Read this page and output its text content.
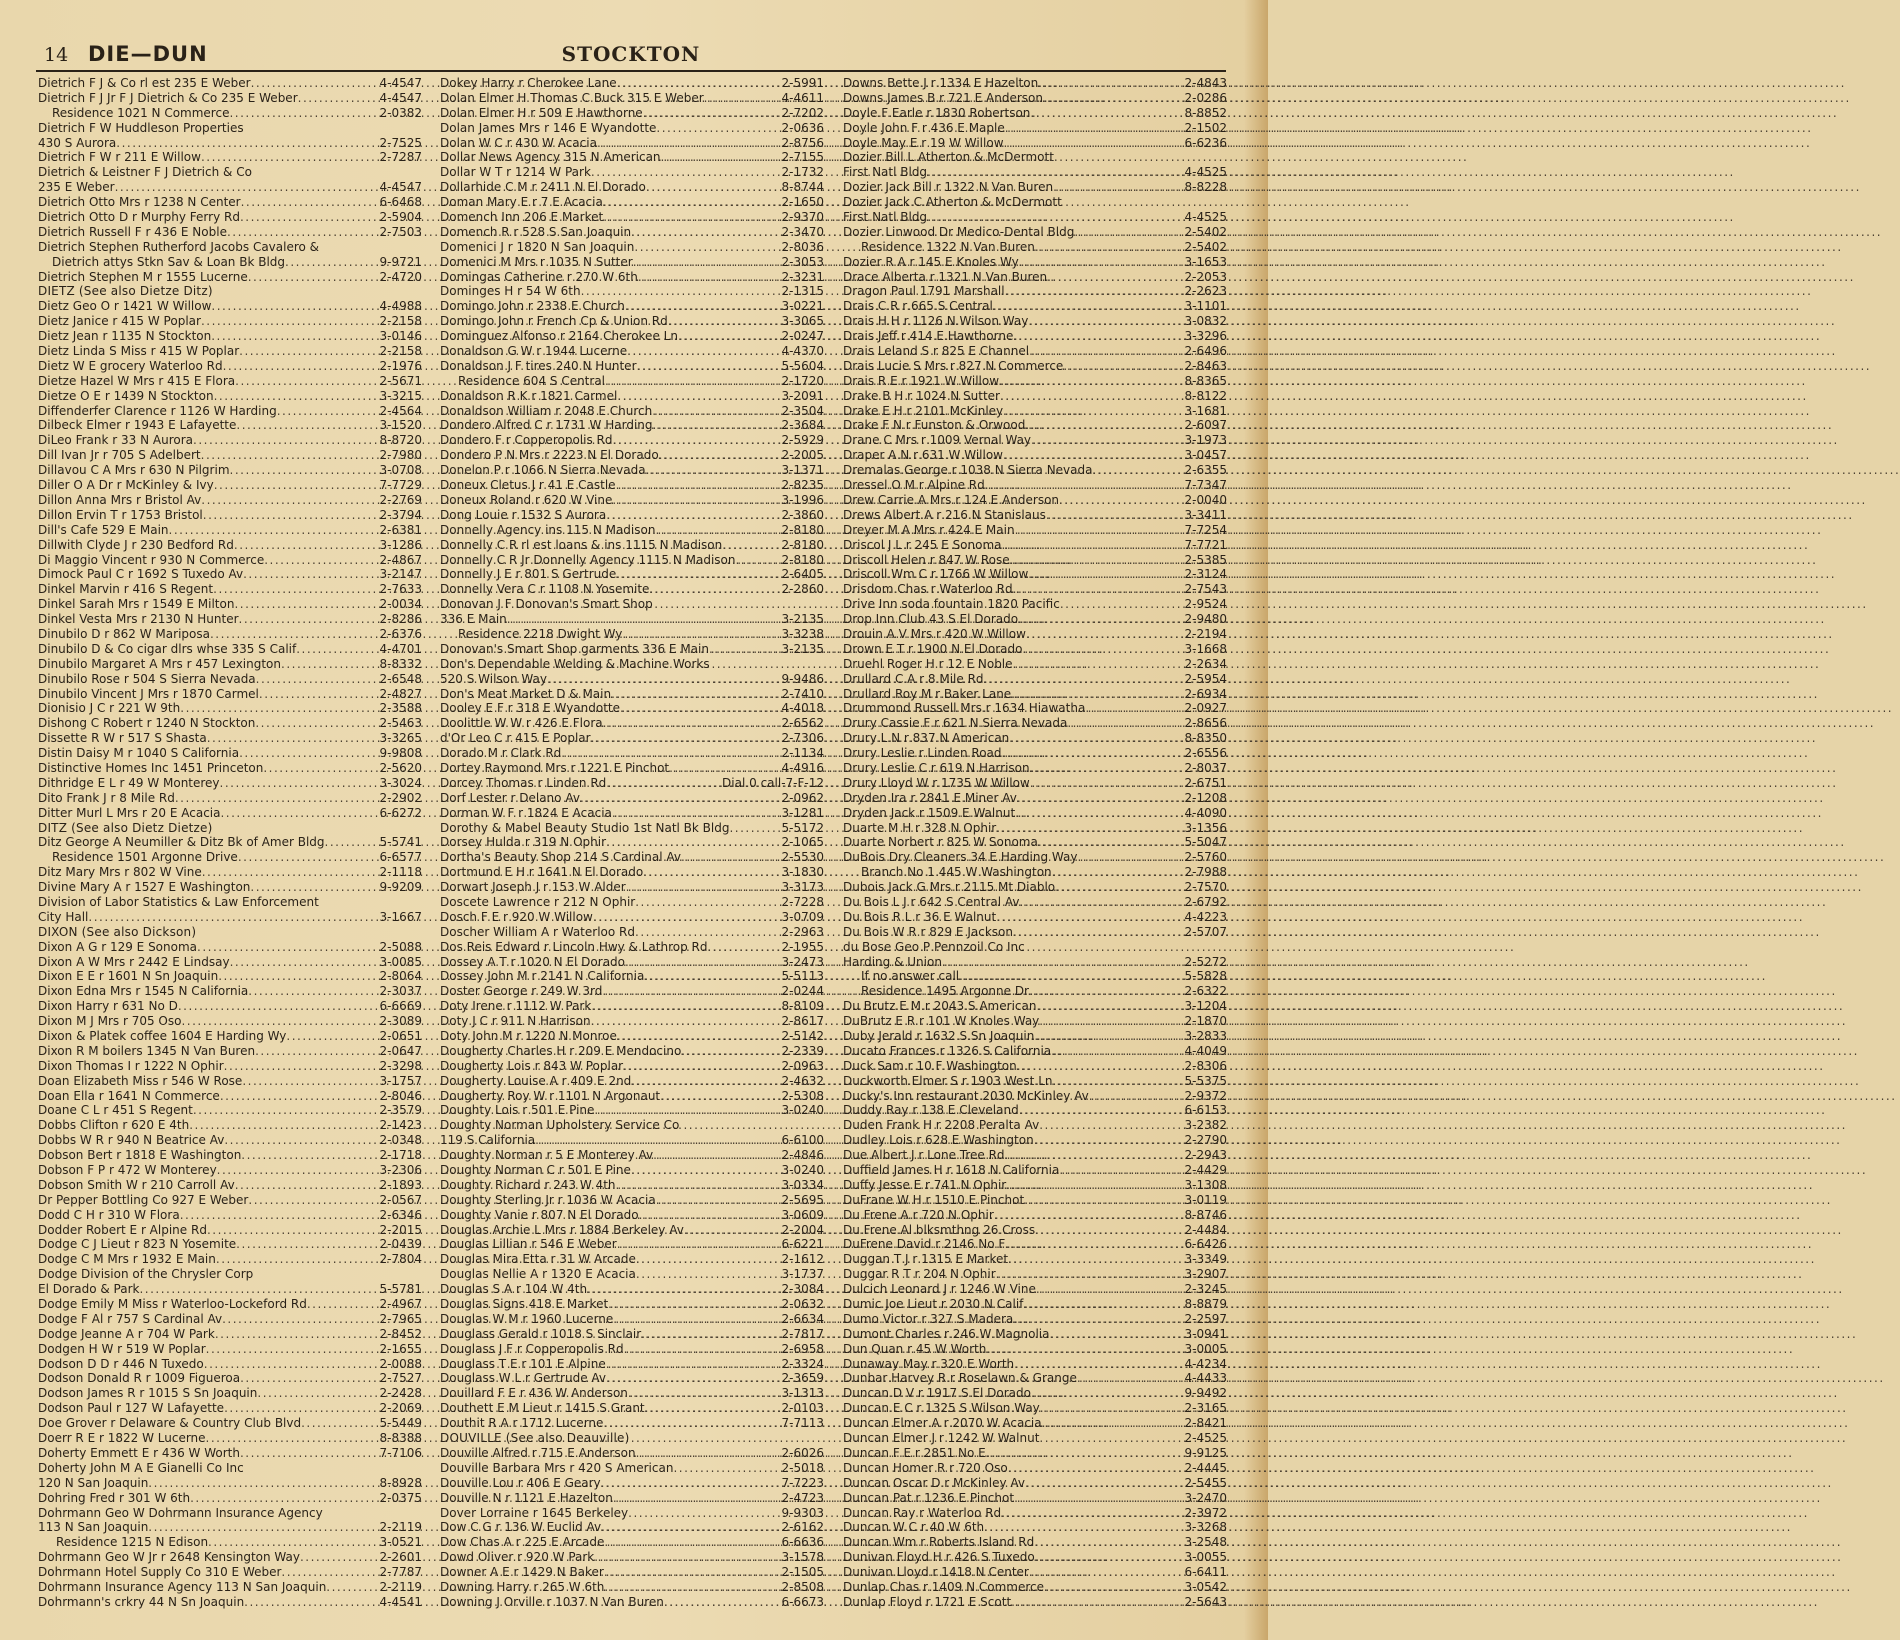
14 DIE—DUN	STOCKTON
Dietrich F J & Co rl est 235 E Weber .....	4-4547
Dietrich F J Jr F J Dietrich & Co 235 E Weber .....	4-4547
Residence 1021 N Commerce .....	2-0382
Dietrich F W Huddleson Properties
430 S Aurora .....	2-7525
Dietrich F W r 211 E Willow .....	2-7287
Dietrich & Leistner F J Dietrich & Co
235 E Weber .....	4-4547
Dietrich Otto Mrs r 1238 N Center .....	6-6468
Dietrich Otto D r Murphy Ferry Rd .....	2-5904
Dietrich Russell F r 436 E Noble .....	2-7503
Dietrich Stephen Rutherford Jacobs Cavalero &
Dietrich attys Stkn Sav & Loan Bk Bldg .....	9-9721
Dietrich Stephen M r 1555 Lucerne .....	2-4720
DIETZ (See also Dietze Ditz)
Dietz Geo O r 1421 W Willow .....	4-4988
Dietz Janice r 415 W Poplar .....	2-2158
Dietz Jean r 1135 N Stockton .....	3-0146
Dietz Linda S Miss r 415 W Poplar .....	2-2158
Dietz W E grocery Waterloo Rd .....	2-1976
Dietze Hazel W Mrs r 415 E Flora .....	2-5671
Dietze O E r 1439 N Stockton .....	3-3215
Diffenderfer Clarence r 1126 W Harding .....	2-4564
Dilbeck Elmer r 1943 E Lafayette .....	3-1520
DiLeo Frank r 33 N Aurora .....	8-8720
Dill Ivan Jr r 705 S Adelbert .....	2-7980
Dillavou C A Mrs r 630 N Pilgrim .....	3-0708
Diller O A Dr r McKinley & Ivy .....	7-7729
Dillon Anna Mrs r Bristol Av .....	2-2769
Dillon Ervin T r 1753 Bristol .....	2-3794
Dill's Cafe 529 E Main .....	2-6381
Dillwith Clyde J r 230 Bedford Rd .....	3-1286
Di Maggio Vincent r 930 N Commerce .....	2-4867
Dimock Paul C r 1692 S Tuxedo Av .....	3-2147
Dinkel Marvin r 416 S Regent .....	2-7633
Dinkel Sarah Mrs r 1549 E Milton .....	2-0034
Dinkel Vesta Mrs r 2130 N Hunter .....	2-8286
Dinubilo D r 862 W Mariposa .....	2-6376
Dinubilo D & Co cigar dlrs whse 335 S Calif .....	4-4701
Dinubilo Margaret A Mrs r 457 Lexington .....	8-8332
Dinubilo Rose r 504 S Sierra Nevada .....	2-6548
Dinubilo Vincent J Mrs r 1870 Carmel .....	2-4827
Dionisio J C r 221 W 9th .....	2-3588
Dishong C Robert r 1240 N Stockton .....	2-5463
Dissette R W r 517 S Shasta .....	3-3265
Distin Daisy M r 1040 S California .....	9-9808
Distinctive Homes Inc 1451 Princeton .....	2-5620
Dithridge E L r 49 W Monterey .....	3-3024
Dito Frank J r 8 Mile Rd .....	2-2902
Ditter Murl L Mrs r 20 E Acacia .....	6-6272
DITZ (See also Dietz Dietze)
Ditz George A Neumiller & Ditz Bk of Amer Bldg .....	5-5741
Residence 1501 Argonne Drive .....	6-6577
Ditz Mary Mrs r 802 W Vine .....	2-1118
Divine Mary A r 1527 E Washington .....	9-9209
Division of Labor Statistics & Law Enforcement
City Hall .....	3-1667
DIXON (See also Dickson)
Dixon A G r 129 E Sonoma .....	2-5088
Dixon A W Mrs r 2442 E Lindsay .....	3-0085
Dixon E E r 1601 N Sn Joaquin .....	2-8064
Dixon Edna Mrs r 1545 N California .....	2-3037
Dixon Harry r 631 No D .....	6-6669
Dixon M J Mrs r 705 Oso .....	2-3089
Dixon & Platek coffee 1604 E Harding Wy .....	2-0651
Dixon R M boilers 1345 N Van Buren .....	2-0647
Dixon Thomas I r 1222 N Ophir .....	2-3298
Doan Elizabeth Miss r 546 W Rose .....	3-1757
Doan Ella r 1641 N Commerce .....	2-8046
Doane C L r 451 S Regent .....	2-3579
Dobbs Clifton r 620 E 4th .....	2-1423
Dobbs W R r 940 N Beatrice Av .....	2-0348
Dobson Bert r 1818 E Washington .....	2-1718
Dobson F P r 472 W Monterey .....	3-2306
Dobson Smith W r 210 Carroll Av .....	2-1893
Dr Pepper Bottling Co 927 E Weber .....	2-0567
Dodd C H r 310 W Flora .....	2-6346
Dodder Robert E r Alpine Rd .....	2-2015
Dodge C J Lieut r 823 N Yosemite .....	2-0439
Dodge C M Mrs r 1932 E Main .....	2-7804
Dodge Division of the Chrysler Corp
El Dorado & Park .....	5-5781
Dodge Emily M Miss r Waterloo-Lockeford Rd .....	2-4967
Dodge F Al r 757 S Cardinal Av .....	2-7965
Dodge Jeanne A r 704 W Park .....	2-8452
Dodgen H W r 519 W Poplar .....	2-1655
Dodson D D r 446 N Tuxedo .....	2-0088
Dodson Donald R r 1009 Figueroa .....	2-7527
Dodson James R r 1015 S Sn Joaquin .....	2-2428
Dodson Paul r 127 W Lafayette .....	2-2069
Doe Grover r Delaware & Country Club Blvd .....	5-5449
Doerr R E r 1822 W Lucerne .....	8-8388
Doherty Emmett E r 436 W Worth .....	7-7106
Doherty John M A E Gianelli Co Inc
120 N San Joaquin .....	8-8928
Dohring Fred r 301 W 6th .....	2-0375
Dohrmann Geo W Dohrmann Insurance Agency
113 N San Joaquin .....	2-2119
Residence 1215 N Edison .....	3-0521
Dohrmann Geo W Jr r 2648 Kensington Way .....	2-2601
Dohrmann Hotel Supply Co 310 E Weber .....	2-7787
Dohrmann Insurance Agency 113 N San Joaquin .....	2-2119
Dohrmann's crkry 44 N Sn Joaquin .....	4-4541
Dokey Harry r Cherokee Lane .....	2-5991
Dolan Elmer H Thomas C Buck 315 E Weber .....	4-4611
Dolan Elmer H r 509 E Hawthorne .....	2-7202
Dolan James Mrs r 146 E Wyandotte .....	2-0636
Dolan W C r 430 W Acacia .....	2-8756
Dollar News Agency 315 N American .....	2-7155
Dollar W T r 1214 W Park .....	2-1732
Dollarhide C M r 2411 N El Dorado .....	8-8744
Doman Mary E r 7 E Acacia .....	2-1650
Domench Inn 206 E Market .....	2-9370
Domench R r 528 S San Joaquin .....	2-3470
Domenici J r 1820 N San Joaquin .....	2-8036
Domenici M Mrs r 1035 N Sutter .....	2-3053
Domingas Catherine r 270 W 6th .....	2-3231
Dominges H r 54 W 6th .....	2-1315
Domingo John r 2338 E Church .....	3-0221
Domingo John r French Cp & Union Rd .....	3-3065
Dominguez Alfonso r 2164 Cherokee Ln .....	2-0247
Donaldson G W r 1944 Lucerne .....	4-4370
Donaldson J F tires 240 N Hunter .....	5-5604
Residence 604 S Central .....	2-1720
Donaldson R K r 1821 Carmel .....	3-2091
Donaldson William r 2048 E Church .....	2-3504
Dondero Alfred C r 1731 W Harding .....	2-3684
Dondero F r Copperopolis Rd .....	2-5929
Dondero P N Mrs r 2223 N El Dorado .....	2-2005
Donelon P r 1066 N Sierra Nevada .....	3-1371
Doneux Cletus J r 41 E Castle .....	2-8235
Doneux Roland r 620 W Vine .....	3-1996
Dong Louie r 1532 S Aurora .....	2-3860
Donnelly Agency ins 115 N Madison .....	2-8180
Donnelly C R rl est loans & ins 1115 N Madison .....	2-8180
Donnelly C R Jr Donnelly Agency 1115 N Madison .....	2-8180
Donnelly J E r 801 S Gertrude .....	2-6405
Donnelly Vera C r 1108 N Yosemite .....	2-2860
Donovan J F Donovan's Smart Shop
336 E Main .....	3-2135
Residence 2218 Dwight Wy .....	3-3238
Donovan's Smart Shop garments 336 E Main .....	3-2135
Don's Dependable Welding & Machine Works
520 S Wilson Way .....	9-9486
Don's Meat Market D & Main .....	2-7410
Dooley E F r 318 E Wyandotte .....	4-4018
Doolittle W W r 426 E Flora .....	2-6562
d'Or Leo C r 415 E Poplar .....	2-7306
Dorado M r Clark Rd .....	2-1134
Dortey Raymond Mrs r 1221 E Pinchot .....	4-4916
Dorcey Thomas r Linden Rd .....	Dial 0 call-7-F-12
Dorf Lester r Delano Av .....	2-0962
Dorman W F r 1824 E Acacia .....	3-1281
Dorothy & Mabel Beauty Studio 1st Natl Bk Bldg .....	5-5172
Dorsey Hulda r 319 N Ophir .....	2-1065
Dortha's Beauty Shop 214 S Cardinal Av .....	2-5530
Dortmund E H r 1641 N El Dorado .....	3-1830
Dorwart Joseph J r 153 W Alder .....	3-3173
Doscete Lawrence r 212 N Ophir .....	2-7228
Dosch F E r 920 W Willow .....	3-0709
Doscher William A r Waterloo Rd .....	2-2963
Dos Reis Edward r Lincoln Hwy & Lathrop Rd .....	2-1955
Dossey A T r 1020 N El Dorado .....	3-2473
Dossey John M r 2141 N California .....	5-5113
Doster George r 249 W 3rd .....	2-0244
Doty Irene r 1112 W Park .....	8-8109
Doty J C r 911 N Harrison .....	2-8617
Doty John M r 1220 N Monroe .....	2-5142
Dougherty Charles H r 209 E Mendocino .....	2-2339
Dougherty Lois r 843 W Poplar .....	2-0963
Dougherty Louise A r 409 E 2nd .....	2-4632
Dougherty Roy W r 1101 N Argonaut .....	2-5308
Doughty Lois r 501 E Pine .....	3-0240
Doughty Norman Upholstery Service Co
119 S California .....	6-6100
Doughty Norman r 5 E Monterey Av .....	2-4846
Doughty Norman C r 501 E Pine .....	3-0240
Doughty Richard r 243 W 4th .....	3-0334
Doughty Sterling Jr r 1036 W Acacia .....	2-5695
Doughty Vanie r 807 N El Dorado .....	3-0609
Douglas Archie L Mrs r 1884 Berkeley Av .....	2-2004
Douglas Lillian r 546 E Weber .....	6-6221
Douglas Mira Etta r 31 W Arcade .....	2-1612
Douglas Nellie A r 1320 E Acacia .....	3-1737
Douglas S A r 104 W 4th .....	2-3084
Douglas Signs 418 E Market .....	2-0632
Douglas W M r 1960 Lucerne .....	2-6634
Douglass Gerald r 1018 S Sinclair .....	2-7817
Douglass J F r Copperopolis Rd .....	2-6958
Douglass T E r 101 E Alpine .....	2-3324
Douglass W L r Gertrude Av .....	2-3659
Douillard F E r 436 W Anderson .....	3-1313
Douthett E M Lieut r 1415 S Grant .....	2-0103
Douthit R A r 1712 Lucerne .....	7-7113
DOUVILLE (See also Deauville)
Douville Alfred r 715 E Anderson .....	2-6026
Douville Barbara Mrs r 420 S American .....	2-5018
Douville Lou r 406 E Geary .....	7-7223
Douville N r 1121 E Hazelton .....	2-4723
Dover Lorraine r 1645 Berkeley .....	9-9303
Dow C G r 136 W Euclid Av .....	2-6162
Dow Chas A r 225 E Arcade .....	6-6636
Dowd Oliver r 920 W Park .....	3-1578
Downer A E r 1429 N Baker .....	2-1505
Downing Harry r 265 W 6th .....	2-8508
Downing J Orville r 1037 N Van Buren .....	6-6673
Downs Bette J r 1334 E Hazelton .....	2-4843
Downs James B r 721 E Anderson .....	2-0286
Doyle F Earle r 1830 Robertson .....	8-8852
Doyle John F r 436 E Maple .....	2-1502
Doyle May E r 19 W Willow .....	6-6236
Dozier Bill L Atherton & McDermott
First Natl Bldg .....	4-4525
Dozier Jack Bill r 1322 N Van Buren .....	8-8228
Dozier Jack C Atherton & McDermott
First Natl Bldg .....	4-4525
Dozier Linwood Dr Medico-Dental Bldg .....	2-5402
Residence 1322 N Van Buren .....	2-5402
Dozier R A r 145 E Knoles Wy .....	3-1653
Drace Alberta r 1321 N Van Buren .....	2-2053
Dragon Paul 1791 Marshall .....	2-2623
Drais C R r 665 S Central .....	3-1101
Drais H H r 1126 N Wilson Way .....	3-0832
Drais Jeff r 414 E Hawthorne .....	3-3296
Drais Leland S r 825 E Channel .....	2-6496
Drais Lucie S Mrs r 827 N Commerce .....	2-8463
Drais R E r 1921 W Willow .....	8-8365
Drake B H r 1024 N Sutter .....	8-8122
Drake E H r 2101 McKinley .....	3-1681
Drake F N r Funston & Orwood .....	2-6097
Drane C Mrs r 1009 Vernal Way .....	3-1973
Draper A N r 631 W Willow .....	3-0457
Dremalas George r 1038 N Sierra Nevada .....	2-6355
Dressel O M r Alpine Rd .....	7-7347
Drew Carrie A Mrs r 124 E Anderson .....	2-0040
Drews Albert A r 216 N Stanislaus .....	3-3411
Dreyer M A Mrs r 424 E Main .....	7-7254
Driscol J L r 245 E Sonoma .....	7-7721
Driscoll Helen r 847 W Rose .....	2-5385
Driscoll Wm C r 1766 W Willow .....	2-3124
Drisdom Chas r Waterloo Rd .....	2-7543
Drive Inn soda fountain 1820 Pacific .....	2-9524
Drop Inn Club 43 S El Dorado .....	2-9480
Drouin A V Mrs r 420 W Willow .....	2-2194
Drown E T r 1900 N El Dorado .....	3-1668
Druehl Roger H r 12 E Noble .....	2-2634
Drullard C A r 8 Mile Rd .....	2-5954
Drullard Roy M r Baker Lane .....	2-6934
Drummond Russell Mrs r 1634 Hiawatha .....	2-0927
Drury Cassie F r 621 N Sierra Nevada .....	2-8656
Drury L N r 837 N American .....	8-8350
Drury Leslie r Linden Road .....	2-6556
Drury Leslie C r 619 N Harrison .....	2-8037
Drury Lloyd W r 1735 W Willow .....	2-6751
Dryden Ira r 2841 E Miner Av .....	2-1208
Dryden Jack r 1509 E Walnut .....	4-4090
Duarte M H r 328 N Ophir .....	3-1356
Duarte Norbert r 825 W Sonoma .....	5-5047
DuBois Dry Cleaners 34 E Harding Way .....	2-5760
Branch No 1 445 W Washington .....	2-7988
Dubois Jack G Mrs r 2115 Mt Diablo .....	2-7570
Du Bois L J r 642 S Central Av .....	2-6792
Du Bois R L r 36 E Walnut .....	4-4223
Du Bois W R r 829 E Jackson .....	2-5707
du Bose Geo P Pennzoil Co Inc
Harding & Union .....	2-5272
If no answer call .....	5-5828
Residence 1495 Argonne Dr .....	2-6322
Du Brutz E M r 2043 S American .....	3-1204
DuBrutz E R r 101 W Knoles Way .....	2-1870
Duby Jerald r 1632 S Sn Joaquin .....	3-2833
Ducato Frances r 1326 S California .....	4-4049
Duck Sam r 10 F Washington .....	2-8306
Duckworth Elmer S r 1903 West Ln .....	5-5375
Ducky's Inn restaurant 2030 McKinley Av .....	2-9372
Duddy Ray r 138 E Cleveland .....	6-6153
Duden Frank H r 2208 Peralta Av .....	3-2382
Dudley Lois r 628 E Washington .....	2-2790
Due Albert J r Lone Tree Rd .....	2-2943
Duffield James H r 1618 N California .....	2-4429
Duffy Jesse E r 741 N Ophir .....	3-1308
DuFrane W H r 1510 E Pinchot .....	3-0119
Du Frene A r 720 N Ophir .....	8-8746
Du Frene Al blksmthng 26 Cross .....	2-4484
DuFrene David r 2146 No F .....	6-6426
Duggan T J r 1315 E Market .....	3-3349
Duggar R T r 204 N Ophir .....	3-2907
Dulcich Leonard J r 1246 W Vine .....	2-3245
Dumic Joe Lieut r 2030 N Calif .....	8-8879
Dumo Victor r 327 S Madera .....	2-2597
Dumont Charles r 246 W Magnolia .....	3-0941
Dun Quan r 45 W Worth .....	3-0005
Dunaway May r 320 E Worth .....	4-4234
Dunbar Harvey R r Roselawn & Grange .....	4-4433
Duncan D V r 1917 S El Dorado .....	9-9492
Duncan E C r 1325 S Wilson Way .....	2-3165
Duncan Elmer A r 2070 W Acacia .....	2-8421
Duncan Elmer J r 1242 W Walnut .....	2-4525
Duncan F E r 2851 No E .....	9-9125
Duncan Homer R r 720 Oso .....	2-4445
Duncan Oscar D r McKinley Av .....	2-5455
Duncan Pat r 1236 E Pinchot .....	3-2470
Duncan Ray r Waterloo Rd .....	2-3972
Duncan W C r 40 W 6th .....	3-3268
Duncan Wm r Roberts Island Rd .....	3-2548
Dunivan Floyd H r 426 S Tuxedo .....	3-0055
Dunivan Lloyd r 1418 N Center .....	6-6411
Dunlap Chas r 1409 N Commerce .....	3-0542
Dunlap Floyd r 1721 E Scott .....	2-5643
